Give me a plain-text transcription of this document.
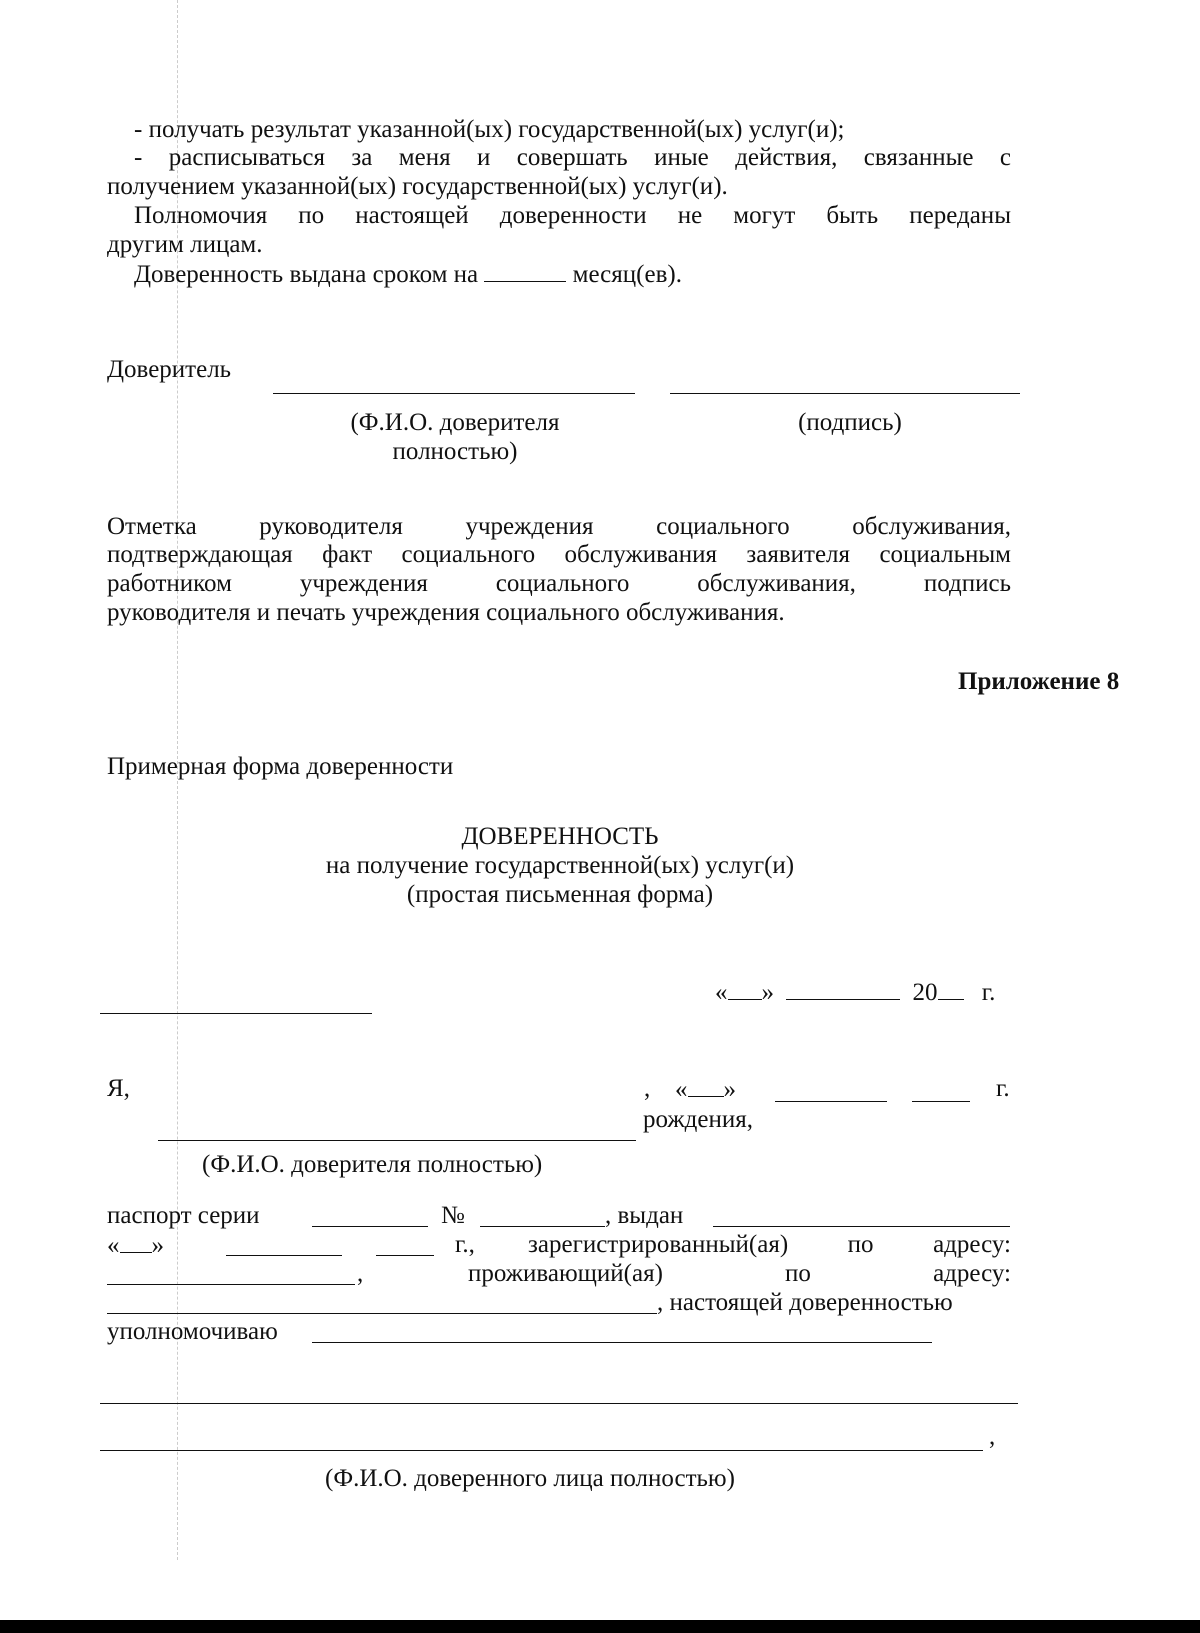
- получать результат указанной(ых) государственной(ых) услуг(и);
- расписываться за меня и совершать иные действия, связанные с
получением указанной(ых) государственной(ых) услуг(и).
Полномочия по настоящей доверенности не могут быть переданы
другим лицам.
Доверенность выдана сроком на	месяц(ев).
Доверитель
(Ф.И.О. доверителя полностью)
(подпись)
Отметка руководителя учреждения социального обслуживания,
подтверждающая факт социального обслуживания заявителя социальным
работником учреждения социального обслуживания, подпись
руководителя и печать учреждения социального обслуживания.
Приложение 8
Примерная форма доверенности
ДОВЕРЕННОСТЬ
на получение государственной(ых) услуг(и)
(простая письменная форма)
« »	20 г.
Я,	, « »	г.
рождения,
(Ф.И.О. доверителя полностью)
паспорт серии	№	, выдан
« »	г., зарегистрированный(ая) по адресу:
,	проживающий(ая) по адресу:
, настоящей доверенностью
уполномочиваю
,
(Ф.И.О. доверенного лица полностью)
